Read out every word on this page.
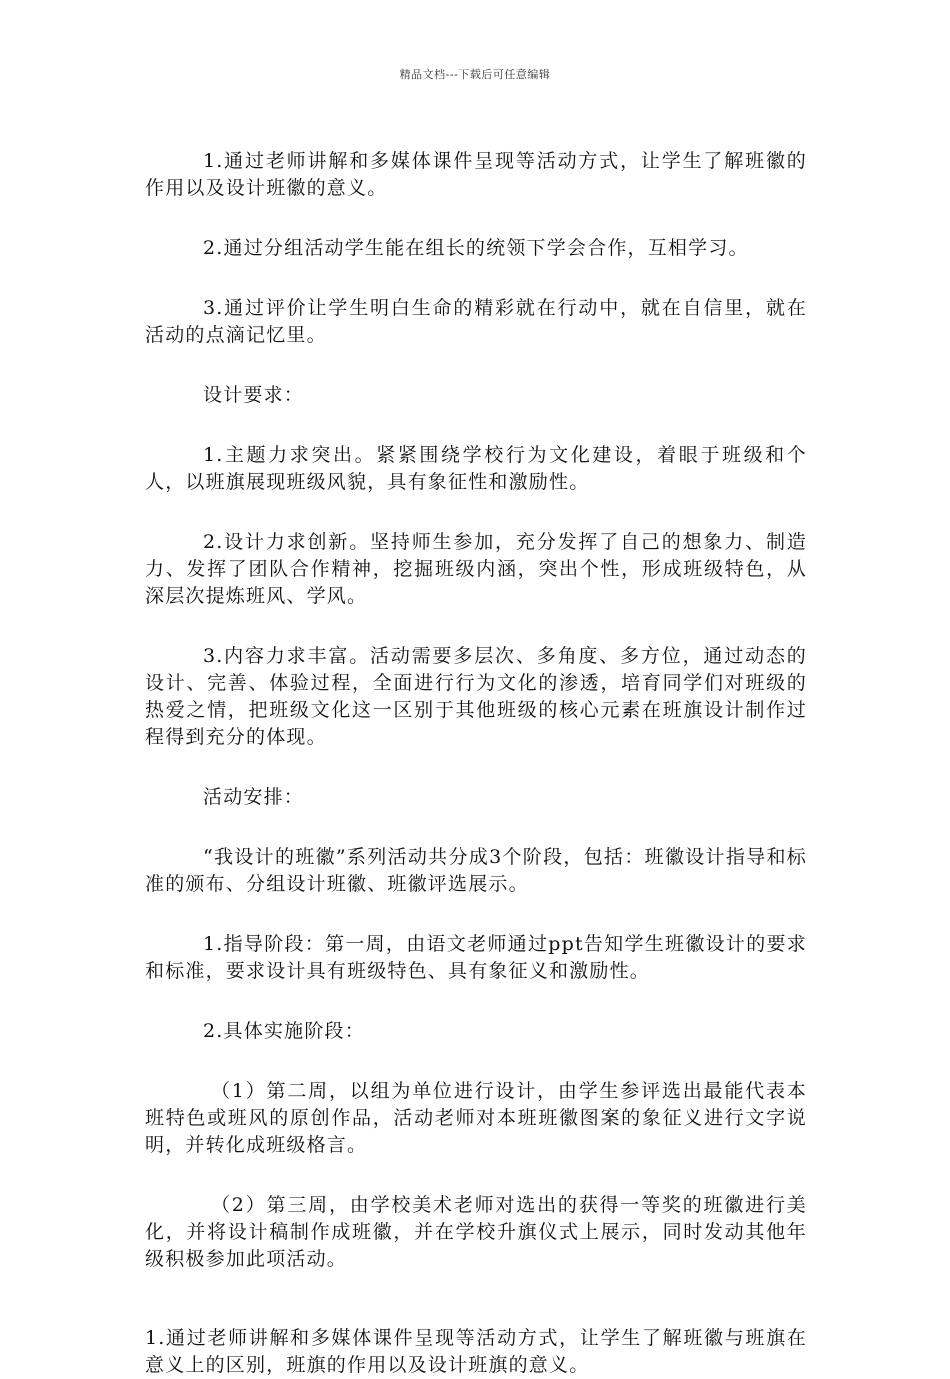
精品文档---下载后可任意编辑

1.通过老师讲解和多媒体课件呈现等活动方式，让学生了解班徽的作用以及设计班徽的意义。

2.通过分组活动学生能在组长的统领下学会合作，互相学习。

3.通过评价让学生明白生命的精彩就在行动中，就在自信里，就在活动的点滴记忆里。

设计要求：

1.主题力求突出。紧紧围绕学校行为文化建设，着眼于班级和个人，以班旗展现班级风貌，具有象征性和激励性。

2.设计力求创新。坚持师生参加，充分发挥了自己的想象力、制造力、发挥了团队合作精神，挖掘班级内涵，突出个性，形成班级特色，从深层次提炼班风、学风。

3.内容力求丰富。活动需要多层次、多角度、多方位，通过动态的设计、完善、体验过程，全面进行行为文化的渗透，培育同学们对班级的热爱之情，把班级文化这一区别于其他班级的核心元素在班旗设计制作过程得到充分的体现。

活动安排：

“我设计的班徽”系列活动共分成3个阶段，包括：班徽设计指导和标准的颁布、分组设计班徽、班徽评选展示。

1.指导阶段：第一周，由语文老师通过ppt告知学生班徽设计的要求和标准，要求设计具有班级特色、具有象征义和激励性。

2.具体实施阶段：

（1）第二周，以组为单位进行设计，由学生参评选出最能代表本班特色或班风的原创作品，活动老师对本班班徽图案的象征义进行文字说明，并转化成班级格言。

（2）第三周，由学校美术老师对选出的获得一等奖的班徽进行美化，并将设计稿制作成班徽，并在学校升旗仪式上展示，同时发动其他年级积极参加此项活动。

1.通过老师讲解和多媒体课件呈现等活动方式，让学生了解班徽与班旗在意义上的区别，班旗的作用以及设计班旗的意义。
